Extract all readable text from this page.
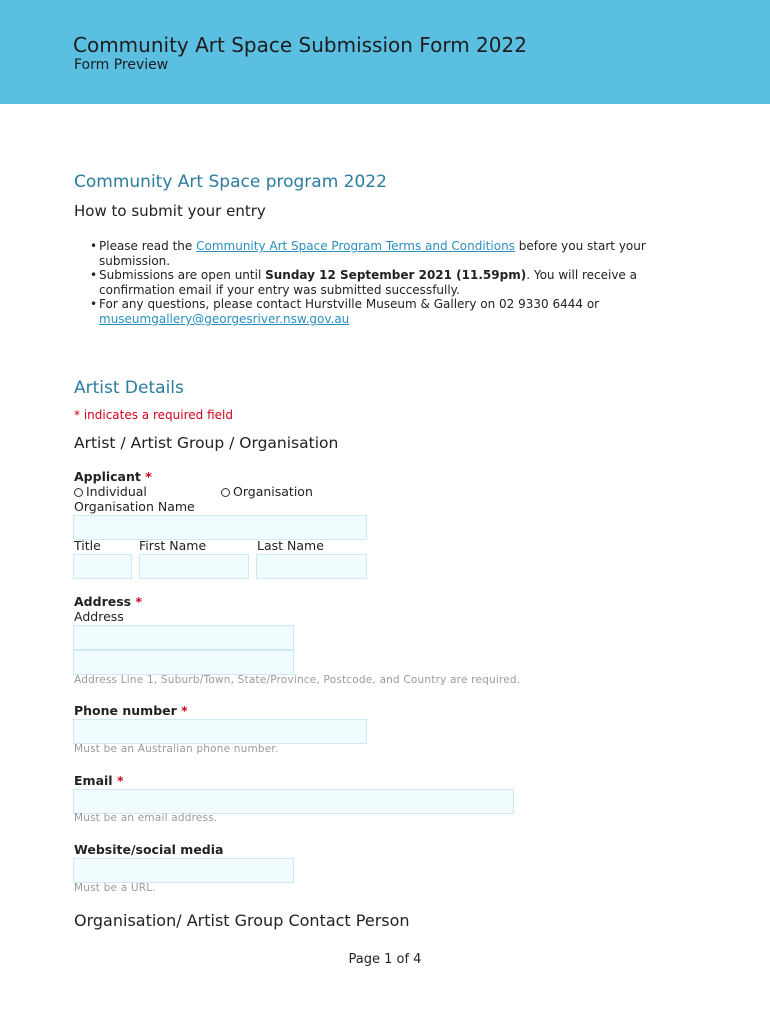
Community Art Space Submission Form 2022
Form Preview
Community Art Space program 2022
How to submit your entry
• Please read the Community Art Space Program Terms and Conditions before you start your submission.
• Submissions are open until Sunday 12 September 2021 (11.59pm). You will receive a confirmation email if your entry was submitted successfully.
• For any questions, please contact Hurstville Museum & Gallery on 02 9330 6444 or museumgallery@georgesriver.nsw.gov.au
Artist Details
* indicates a required field
Artist / Artist Group / Organisation
Applicant *
Individual	Organisation
Organisation Name
Title	First Name	Last Name
Address *
Address
Address Line 1, Suburb/Town, State/Province, Postcode, and Country are required.
Phone number *
Must be an Australian phone number.
Email *
Must be an email address.
Website/social media
Must be a URL.
Organisation/ Artist Group Contact Person
Page 1 of 4
